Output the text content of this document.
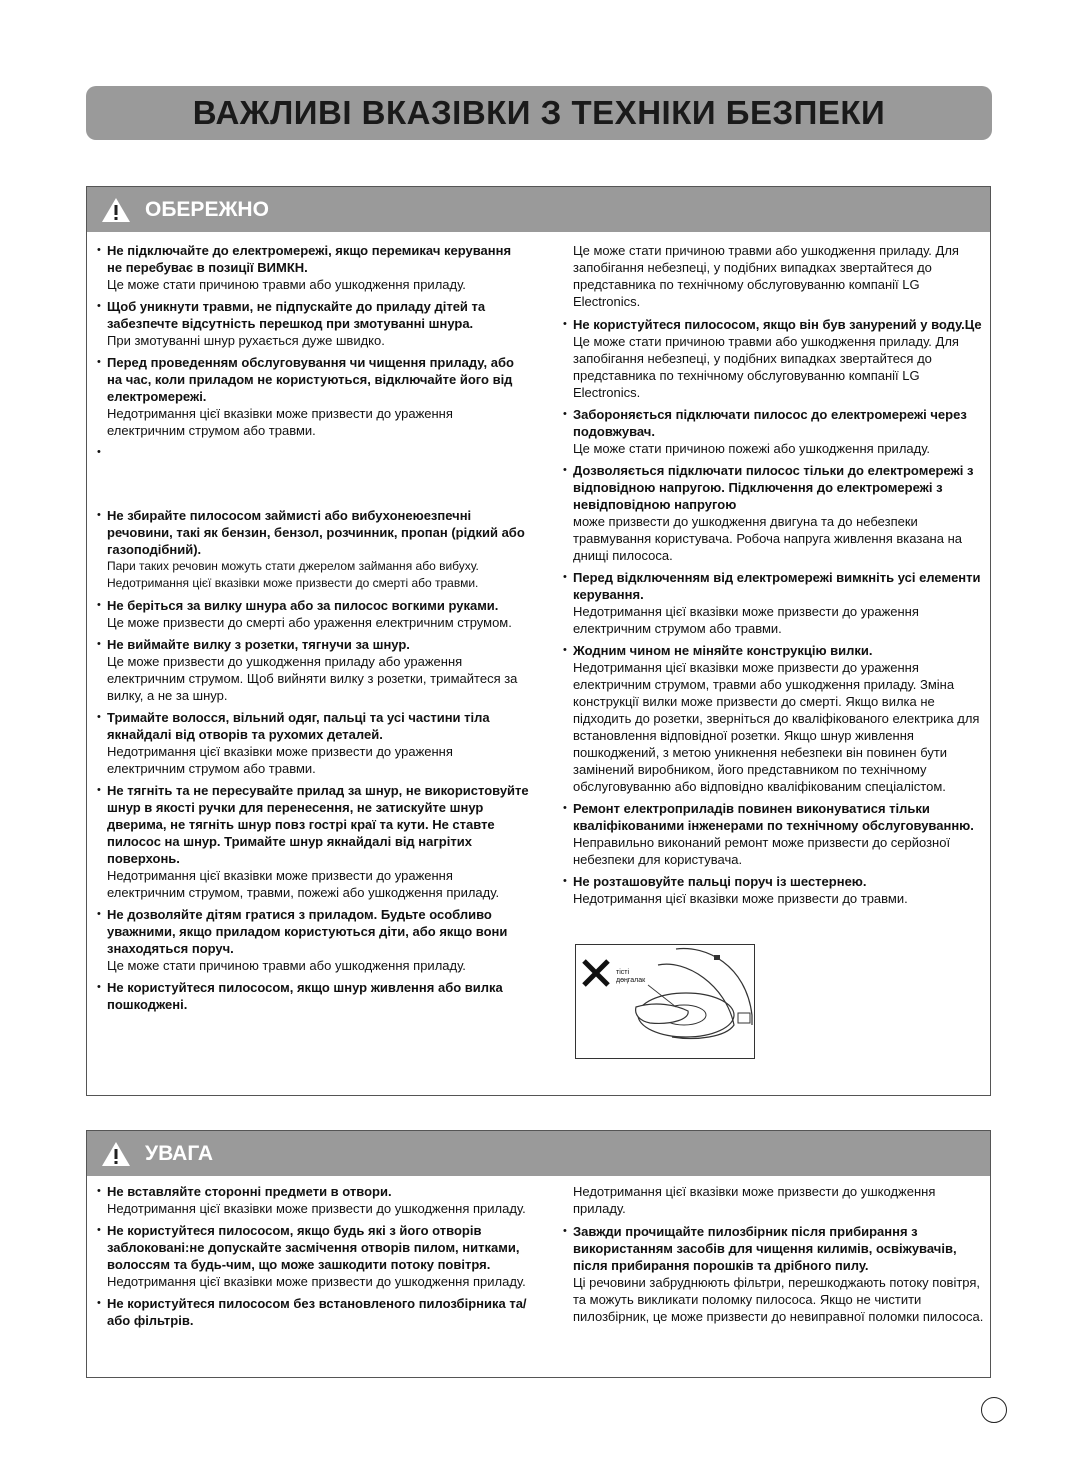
ВАЖЛИВІ ВКАЗІВКИ З ТЕХНІКИ БЕЗПЕКИ
ОБЕРЕЖНО
• Не підключайте до електромережі, якщо перемикач керування не перебуває в позиції ВИМКН.
Це може стати причиною травми або ушкодження приладу.
• Щоб уникнути травми, не підпускайте до приладу дітей та забезпечте відсутність перешкод при змотуванні шнура.
При змотуванні шнур рухається дуже швидко.
• Перед проведенням обслуговування чи чищення приладу, або на час, коли приладом не користуються, відключайте його від електромережі.
Недотримання цієї вказівки може призвести до ураження електричним струмом або травми.
•
• Не збирайте пилососом займисті або вибухонеюезпечні речовини, такі як бензин, бензол, розчинник, пропан (рідкий або газоподібний).
Пари таких речовин можуть стати джерелом займання або вибуху. Недотримання цієї вказівки може призвести до смерті або травми.
• Не беріться за вилку шнура або за пилосос вогкими руками.
Це може призвести до смерті або ураження електричним струмом.
• Не виймайте вилку з розетки, тягнучи за шнур.
Це може призвести до ушкодження приладу або ураження електричним струмом. Щоб вийняти вилку з розетки, тримайтеся за вилку, а не за шнур.
• Тримайте волосся, вільний одяг, пальці та усі частини тіла якнайдалі від отворів та рухомих деталей.
Недотримання цієї вказівки може призвести до ураження електричним струмом або травми.
• Не тягніть та не пересувайте прилад за шнур, не використовуйте шнур в якості ручки для перенесення, не затискуйте шнур дверима, не тягніть шнур повз гострі краї та кути. Не ставте пилосос на шнур. Тримайте шнур якнайдалі від нагрітих поверхонь.
Недотримання цієї вказівки може призвести до ураження електричним струмом, травми, пожежі або ушкодження приладу.
• Не дозволяйте дітям гратися з приладом. Будьте особливо уважними, якщо приладом користуються діти, або якщо вони знаходяться поруч.
Це може стати причиною травми або ушкодження приладу.
• Не користуйтеся пилососом, якщо шнур живлення або вилка пошкоджені.
Це може стати причиною травми або ушкодження приладу. Для запобігання небезпеці, у подібних випадках звертайтеся до представника по технічному обслуговуванню компанії LG Electronics.
• Не користуйтеся пилососом, якщо він був занурений у воду.Це
Це може стати причиною травми або ушкодження приладу. Для запобігання небезпеці, у подібних випадках звертайтеся до представника по технічному обслуговуванню компанії LG Electronics.
• Забороняється підключати пилосос до електромережі через подовжувач.
Це може стати причиною пожежі або ушкодження приладу.
• Дозволяється підключати пилосос тільки до електромережі з відповідною напругою. Підключення до електромережі з невідповідною напругою
може призвести до ушкодження двигуна та до небезпеки травмування користувача. Робоча напруга живлення вказана на днищі пилососа.
• Перед відключенням від електромережі вимкніть усі елементи керування.
Недотримання цієї вказівки може призвести до ураження електричним струмом або травми.
• Жодним чином не міняйте конструкцію вилки.
Недотримання цієї вказівки може призвести до ураження електричним струмом, травми або ушкодження приладу. Зміна конструкції вилки може призвести до смерті. Якщо вилка не підходить до розетки, зверніться до кваліфікованого електрика для встановлення відповідної розетки. Якщо шнур живлення пошкоджений, з метою уникнення небезпеки він повинен бути замінений виробником, його представником по технічному обслуговуванню або відповідно кваліфікованим спеціалістом.
• Ремонт електроприладів повинен виконуватися тільки кваліфікованими інженерами по технічному обслуговуванню.
Неправильно виконаний ремонт може призвести до серйозної небезпеки для користувача.
• Не розташовуйте пальці поруч із шестернею.
Недотримання цієї вказівки може призвести до травми.
тісті дөңгалак
УВАГА
• Не вставляйте сторонні предмети в отвори.
Недотримання цієї вказівки може призвести до ушкодження приладу.
• Не користуйтеся пилососом, якщо будь які з його отворів заблоковані:не допускайте засмічення отворів пилом, нитками, волоссям та будь-чим, що може зашкодити потоку повітря.
Недотримання цієї вказівки може призвести до ушкодження приладу.
• Не користуйтеся пилососом без встановленого пилозбірника та/або фільтрів.
Недотримання цієї вказівки може призвести до ушкодження приладу.
• Завжди прочищайте пилозбірник після прибирання з використанням засобів для чищення килимів, освіжувачів, після прибирання порошків та дрібного пилу.
Ці речовини забруднюють фільтри, перешкоджають потоку повітря, та можуть викликати поломку пилососа. Якщо не чистити пилозбірник, це може призвести до невиправної поломки пилососа.
